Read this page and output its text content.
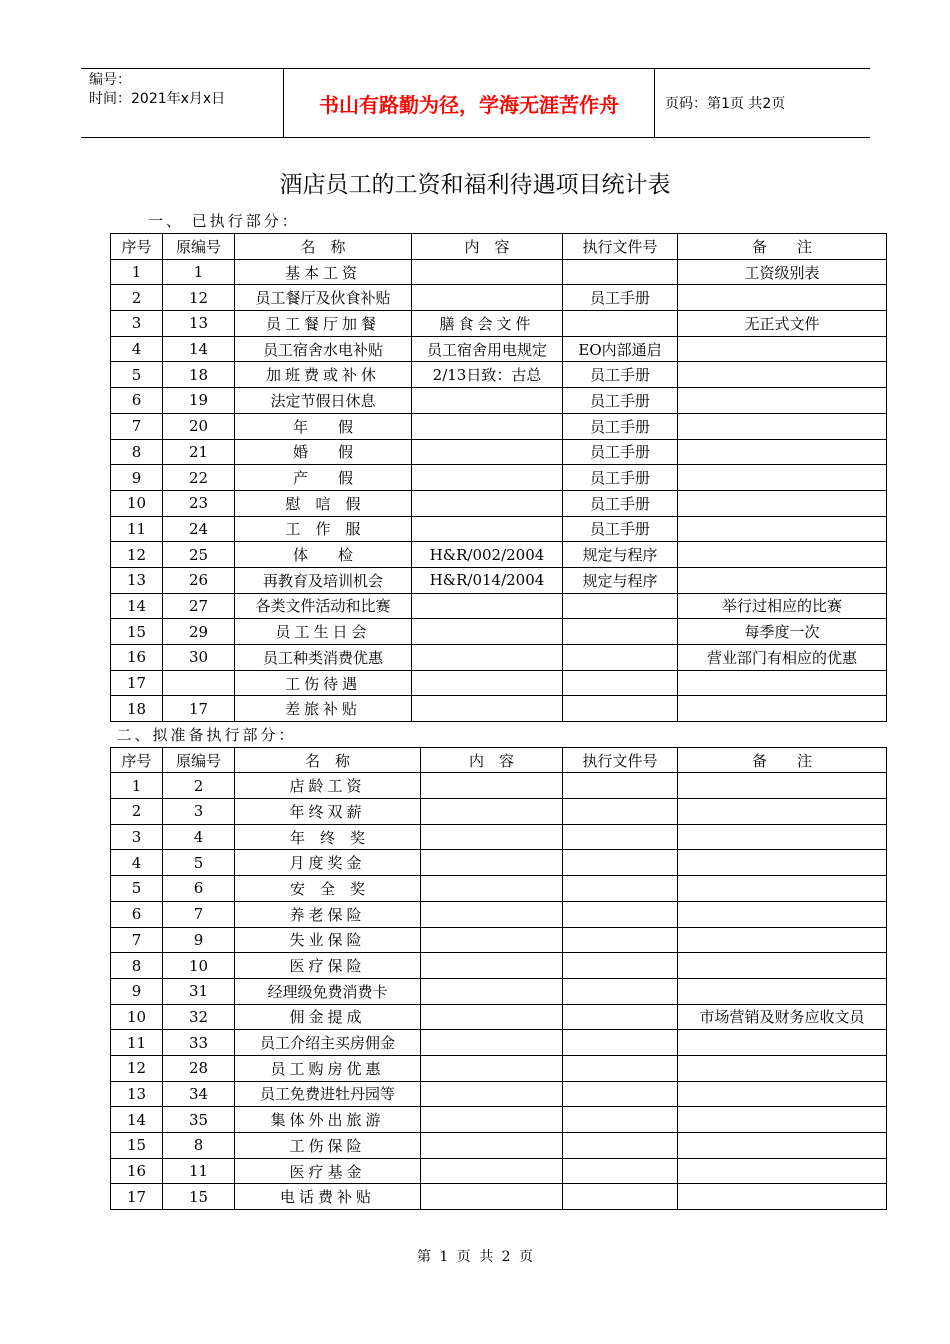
编号：
时间：2021年x月x日	书山有路勤为径，学海无涯苦作舟	页码：第1页 共2页
酒店员工的工资和福利待遇项目统计表
一、 已执行部分：
序号	原编号	名　称	内　容	执行文件号	备　　注
1	1	基本工资			工资级别表
2	12	员工餐厅及伙食补贴		员工手册	
3	13	员工餐厅加餐	膳食会文件		无正式文件
4	14	员工宿舍水电补贴	员工宿舍用电规定	EO内部通启	
5	18	加班费或补休	2/13日致：古总	员工手册	
6	19	法定节假日休息		员工手册	
7	20	年　　假		员工手册	
8	21	婚　　假		员工手册	
9	22	产　　假		员工手册	
10	23	慰　唁　假		员工手册	
11	24	工　作　服		员工手册	
12	25	体　　检	H&R/002/2004	规定与程序	
13	26	再教育及培训机会	H&R/014/2004	规定与程序	
14	27	各类文件活动和比赛			举行过相应的比赛
15	29	员工生日会			每季度一次
16	30	员工种类消费优惠			营业部门有相应的优惠
17		工伤待遇			
18	17	差旅补贴			
二、拟准备执行部分：					
序号	原编号	名　称	内　容	执行文件号	备　　注
1	2	店龄工资			
2	3	年终双薪			
3	4	年　终　奖			
4	5	月度奖金			
5	6	安　全　奖			
6	7	养老保险			
7	9	失业保险			
8	10	医疗保险			
9	31	经理级免费消费卡			
10	32	佣金提成			市场营销及财务应收文员
11	33	员工介绍主买房佣金			
12	28	员工购房优惠			
13	34	员工免费进牡丹园等			
14	35	集体外出旅游			
15	8	工伤保险			
16	11	医疗基金			
17	15	电话费补贴			
第 1 页 共 2 页
